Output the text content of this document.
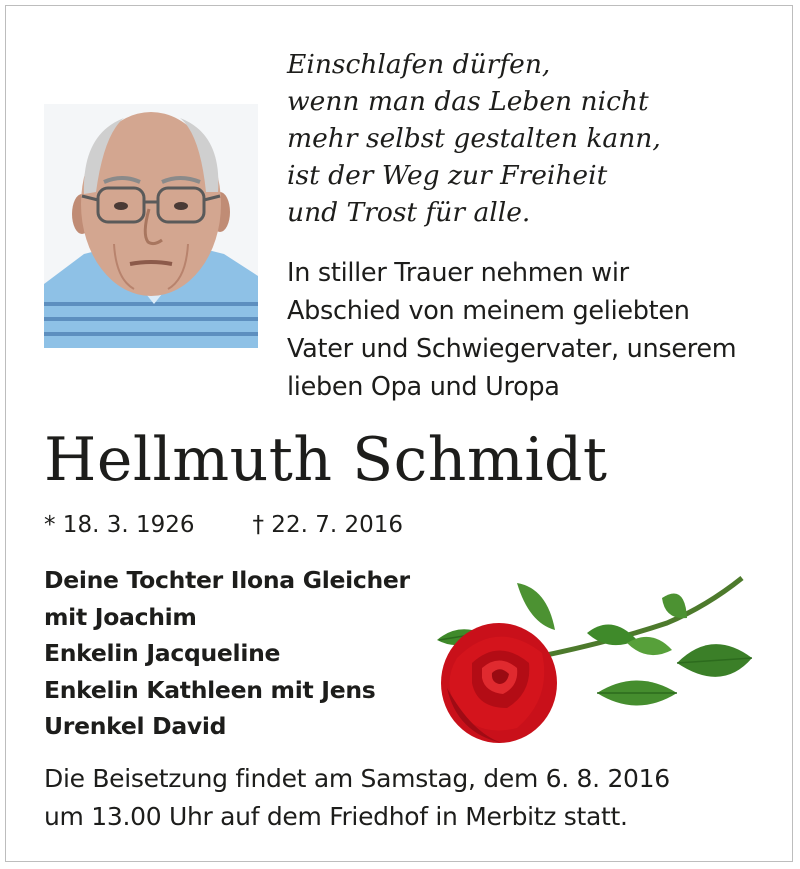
Einschlafen dürfen,
wenn man das Leben nicht
mehr selbst gestalten kann,
ist der Weg zur Freiheit
und Trost für alle.
In stiller Trauer nehmen wir
Abschied von meinem geliebten
Vater und Schwiegervater, unserem
lieben Opa und Uropa
Hellmuth Schmidt
* 18. 3. 1926	† 22. 7. 2016
Deine Tochter Ilona Gleicher
mit Joachim
Enkelin Jacqueline
Enkelin Kathleen mit Jens
Urenkel David
Die Beisetzung findet am Samstag, dem 6. 8. 2016
um 13.00 Uhr auf dem Friedhof in Merbitz statt.
